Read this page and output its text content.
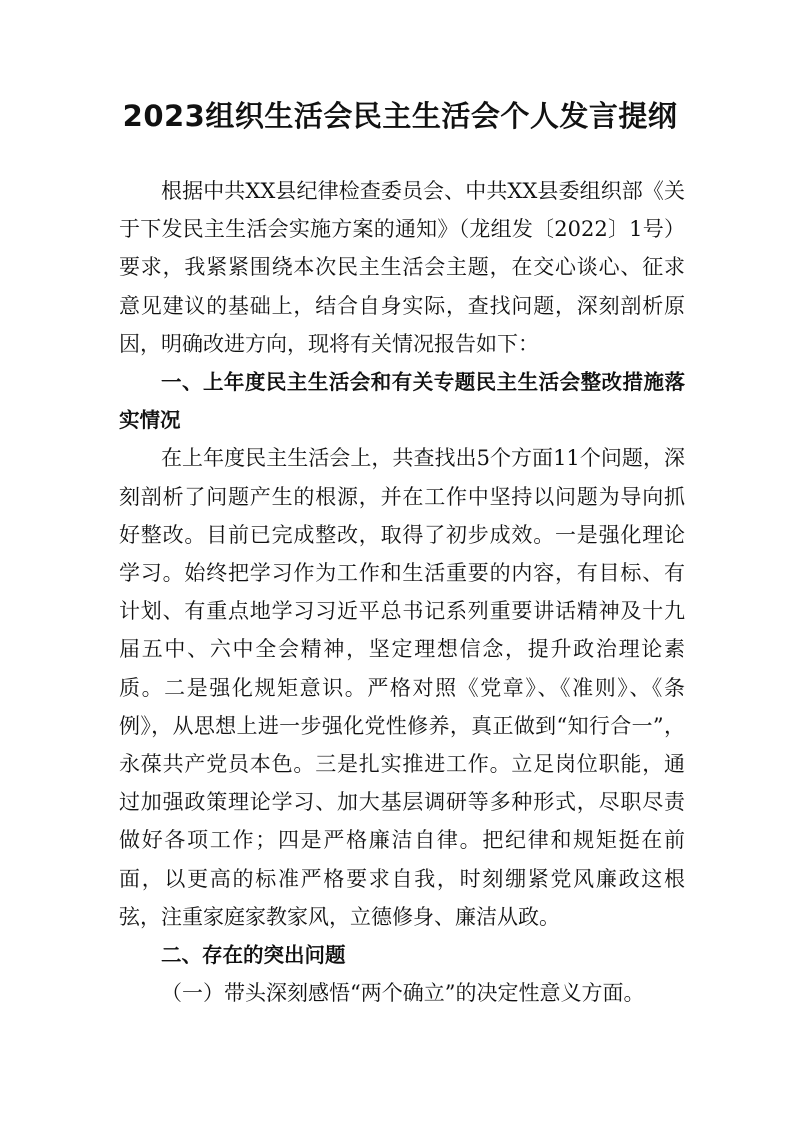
2023组织生活会民主生活会个人发言提纲

根据中共XX县纪律检查委员会、中共XX县委组织部《关于下发民主生活会实施方案的通知》（龙组发〔2022〕1号）要求，我紧紧围绕本次民主生活会主题，在交心谈心、征求意见建议的基础上，结合自身实际，查找问题，深刻剖析原因，明确改进方向，现将有关情况报告如下：

一、上年度民主生活会和有关专题民主生活会整改措施落实情况

在上年度民主生活会上，共查找出5个方面11个问题，深刻剖析了问题产生的根源，并在工作中坚持以问题为导向抓好整改。目前已完成整改，取得了初步成效。一是强化理论学习。始终把学习作为工作和生活重要的内容，有目标、有计划、有重点地学习习近平总书记系列重要讲话精神及十九届五中、六中全会精神，坚定理想信念，提升政治理论素质。二是强化规矩意识。严格对照《党章》、《准则》、《条例》，从思想上进一步强化党性修养，真正做到“知行合一”，永葆共产党员本色。三是扎实推进工作。立足岗位职能，通过加强政策理论学习、加大基层调研等多种形式，尽职尽责做好各项工作；四是严格廉洁自律。把纪律和规矩挺在前面，以更高的标准严格要求自我，时刻绷紧党风廉政这根弦，注重家庭家教家风，立德修身、廉洁从政。

二、存在的突出问题

（一）带头深刻感悟“两个确立”的决定性意义方面。
